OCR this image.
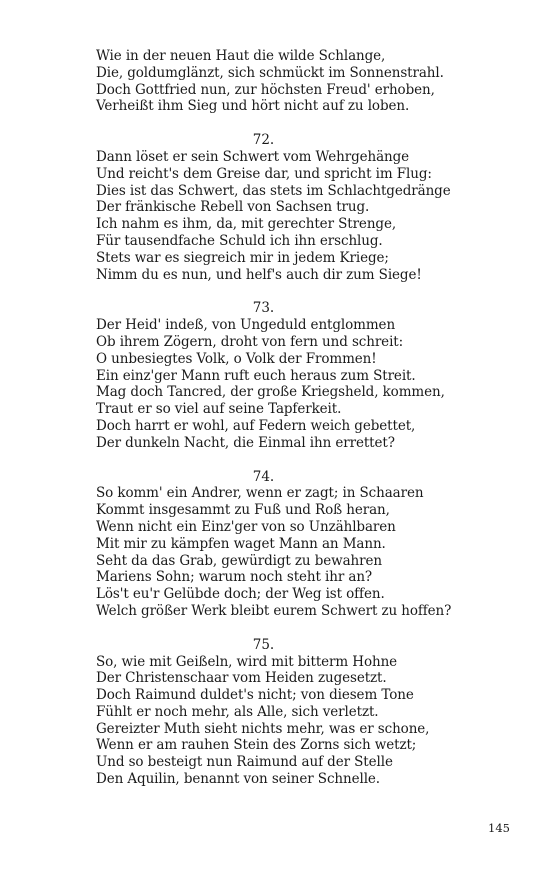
Wie in der neuen Haut die wilde Schlange,
Die, goldumglänzt, sich schmückt im Sonnenstrahl.
Doch Gottfried nun, zur höchsten Freud' erhoben,
Verheißt ihm Sieg und hört nicht auf zu loben.
72.
Dann löset er sein Schwert vom Wehrgehänge
Und reicht's dem Greise dar, und spricht im Flug:
Dies ist das Schwert, das stets im Schlachtgedränge
Der fränkische Rebell von Sachsen trug.
Ich nahm es ihm, da, mit gerechter Strenge,
Für tausendfache Schuld ich ihn erschlug.
Stets war es siegreich mir in jedem Kriege;
Nimm du es nun, und helf's auch dir zum Siege!
73.
Der Heid' indeß, von Ungeduld entglommen
Ob ihrem Zögern, droht von fern und schreit:
O unbesiegtes Volk, o Volk der Frommen!
Ein einz'ger Mann ruft euch heraus zum Streit.
Mag doch Tancred, der große Kriegsheld, kommen,
Traut er so viel auf seine Tapferkeit.
Doch harrt er wohl, auf Federn weich gebettet,
Der dunkeln Nacht, die Einmal ihn errettet?
74.
So komm' ein Andrer, wenn er zagt; in Schaaren
Kommt insgesammt zu Fuß und Roß heran,
Wenn nicht ein Einz'ger von so Unzählbaren
Mit mir zu kämpfen waget Mann an Mann.
Seht da das Grab, gewürdigt zu bewahren
Mariens Sohn; warum noch steht ihr an?
Lös't eu'r Gelübde doch; der Weg ist offen.
Welch größer Werk bleibt eurem Schwert zu hoffen?
75.
So, wie mit Geißeln, wird mit bitterm Hohne
Der Christenschaar vom Heiden zugesetzt.
Doch Raimund duldet's nicht; von diesem Tone
Fühlt er noch mehr, als Alle, sich verletzt.
Gereizter Muth sieht nichts mehr, was er schone,
Wenn er am rauhen Stein des Zorns sich wetzt;
Und so besteigt nun Raimund auf der Stelle
Den Aquilin, benannt von seiner Schnelle.
145
